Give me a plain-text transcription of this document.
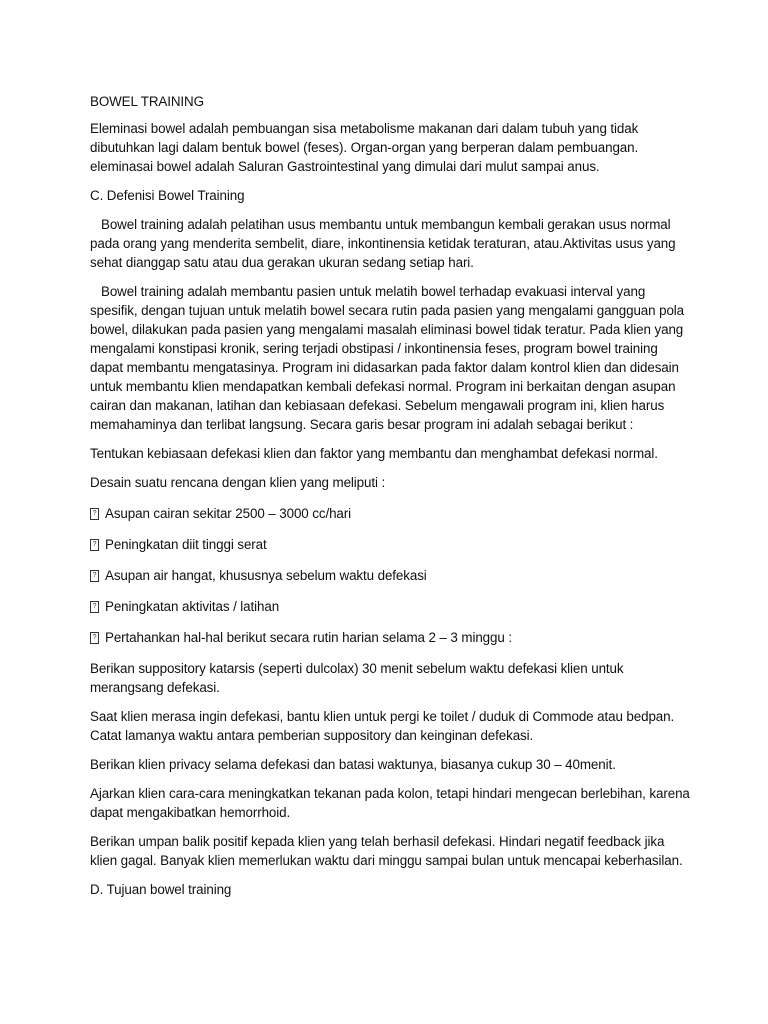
BOWEL TRAINING

Eleminasi bowel adalah pembuangan sisa metabolisme makanan dari dalam tubuh yang tidak dibutuhkan lagi dalam bentuk bowel (feses). Organ-organ yang berperan dalam pembuangan. eleminasai bowel adalah Saluran Gastrointestinal yang dimulai dari mulut sampai anus.

C. Defenisi Bowel Training

Bowel training adalah pelatihan usus membantu untuk membangun kembali gerakan usus normal pada orang yang menderita sembelit, diare, inkontinensia ketidak teraturan, atau.Aktivitas usus yang sehat dianggap satu atau dua gerakan ukuran sedang setiap hari.

Bowel training adalah membantu pasien untuk melatih bowel terhadap evakuasi interval yang spesifik, dengan tujuan untuk melatih bowel secara rutin pada pasien yang mengalami gangguan pola bowel, dilakukan pada pasien yang mengalami masalah eliminasi bowel tidak teratur. Pada klien yang mengalami konstipasi kronik, sering terjadi obstipasi / inkontinensia feses, program bowel training dapat membantu mengatasinya. Program ini didasarkan pada faktor dalam kontrol klien dan didesain untuk membantu klien mendapatkan kembali defekasi normal. Program ini berkaitan dengan asupan cairan dan makanan, latihan dan kebiasaan defekasi. Sebelum mengawali program ini, klien harus memahaminya dan terlibat langsung. Secara garis besar program ini adalah sebagai berikut :

Tentukan kebiasaan defekasi klien dan faktor yang membantu dan menghambat defekasi normal.

Desain suatu rencana dengan klien yang meliputi :

? Asupan cairan sekitar 2500 – 3000 cc/hari
? Peningkatan diit tinggi serat
? Asupan air hangat, khususnya sebelum waktu defekasi
? Peningkatan aktivitas / latihan
? Pertahankan hal-hal berikut secara rutin harian selama 2 – 3 minggu :

Berikan suppository katarsis (seperti dulcolax) 30 menit sebelum waktu defekasi klien untuk merangsang defekasi.

Saat klien merasa ingin defekasi, bantu klien untuk pergi ke toilet / duduk di Commode atau bedpan. Catat lamanya waktu antara pemberian suppository dan keinginan defekasi.

Berikan klien privacy selama defekasi dan batasi waktunya, biasanya cukup 30 – 40menit.

Ajarkan klien cara-cara meningkatkan tekanan pada kolon, tetapi hindari mengecan berlebihan, karena dapat mengakibatkan hemorrhoid.

Berikan umpan balik positif kepada klien yang telah berhasil defekasi. Hindari negatif feedback jika klien gagal. Banyak klien memerlukan waktu dari minggu sampai bulan untuk mencapai keberhasilan.

D. Tujuan bowel training
